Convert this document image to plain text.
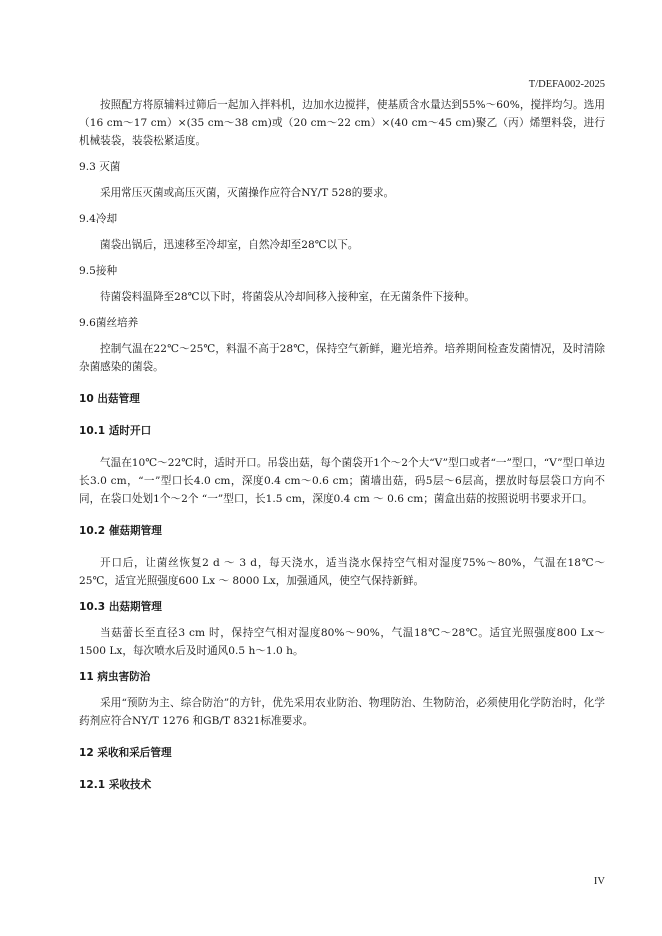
T/DEFA002-2025

按照配方将原辅料过筛后一起加入拌料机，边加水边搅拌，使基质含水量达到55%～60%，搅拌均匀。选用（16 cm～17 cm）×(35 cm～38 cm)或（20 cm～22 cm）×(40 cm～45 cm)聚乙（丙）烯塑料袋，进行机械装袋，装袋松紧适度。

9.3 灭菌

采用常压灭菌或高压灭菌，灭菌操作应符合NY/T 528的要求。

9.4冷却

菌袋出锅后，迅速移至冷却室，自然冷却至28℃以下。

9.5接种

待菌袋料温降至28℃以下时，将菌袋从冷却间移入接种室，在无菌条件下接种。

9.6菌丝培养

控制气温在22℃～25℃，料温不高于28℃，保持空气新鲜，避光培养。培养期间检查发菌情况，及时清除杂菌感染的菌袋。

10 出菇管理

10.1 适时开口

气温在10℃～22℃时，适时开口。吊袋出菇，每个菌袋开1个～2个大“V”型口或者“一”型口，“V”型口单边长3.0 cm，“一”型口长4.0 cm，深度0.4 cm～0.6 cm；菌墙出菇，码5层～6层高，摆放时每层袋口方向不同，在袋口处划1个～2个 “一”型口，长1.5 cm，深度0.4 cm ～ 0.6 cm；菌盒出菇的按照说明书要求开口。

10.2 催菇期管理

开口后，让菌丝恢复2 d ～ 3 d，每天浇水，适当浇水保持空气相对湿度75%～80%，气温在18℃～25℃，适宜光照强度600 Lx ～ 8000 Lx，加强通风，使空气保持新鲜。

10.3 出菇期管理

当菇蕾长至直径3 cm 时，保持空气相对湿度80%～90%，气温18℃～28℃。适宜光照强度800 Lx～1500 Lx，每次喷水后及时通风0.5 h～1.0 h。

11 病虫害防治

采用“预防为主、综合防治”的方针，优先采用农业防治、物理防治、生物防治，必须使用化学防治时，化学药剂应符合NY/T 1276 和GB/T 8321标准要求。

12 采收和采后管理

12.1 采收技术

IV
